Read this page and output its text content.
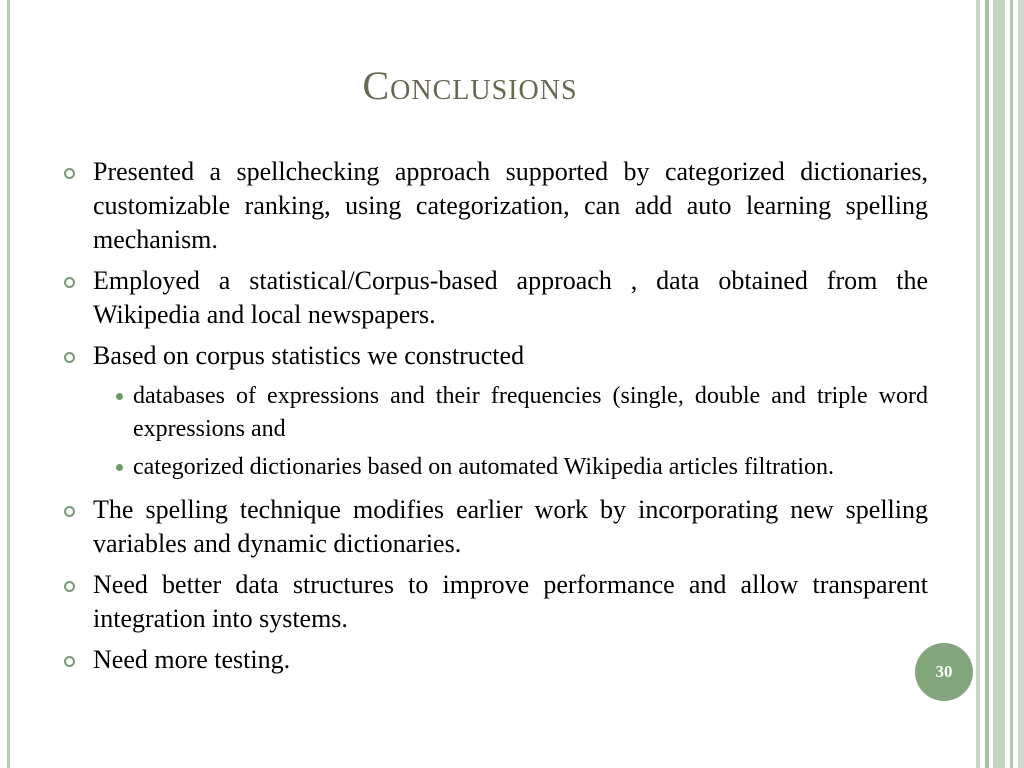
Conclusions
Presented a spellchecking approach supported by categorized dictionaries, customizable ranking, using categorization, can add auto learning spelling mechanism.
Employed a statistical/Corpus-based approach , data obtained from the Wikipedia and local newspapers.
Based on corpus statistics we constructed
databases of expressions and their frequencies (single, double and triple word expressions and
categorized dictionaries based on automated Wikipedia articles filtration.
The spelling technique modifies earlier work by incorporating new spelling variables and dynamic dictionaries.
Need better data structures to improve performance and allow transparent integration into systems.
Need more testing.	30
